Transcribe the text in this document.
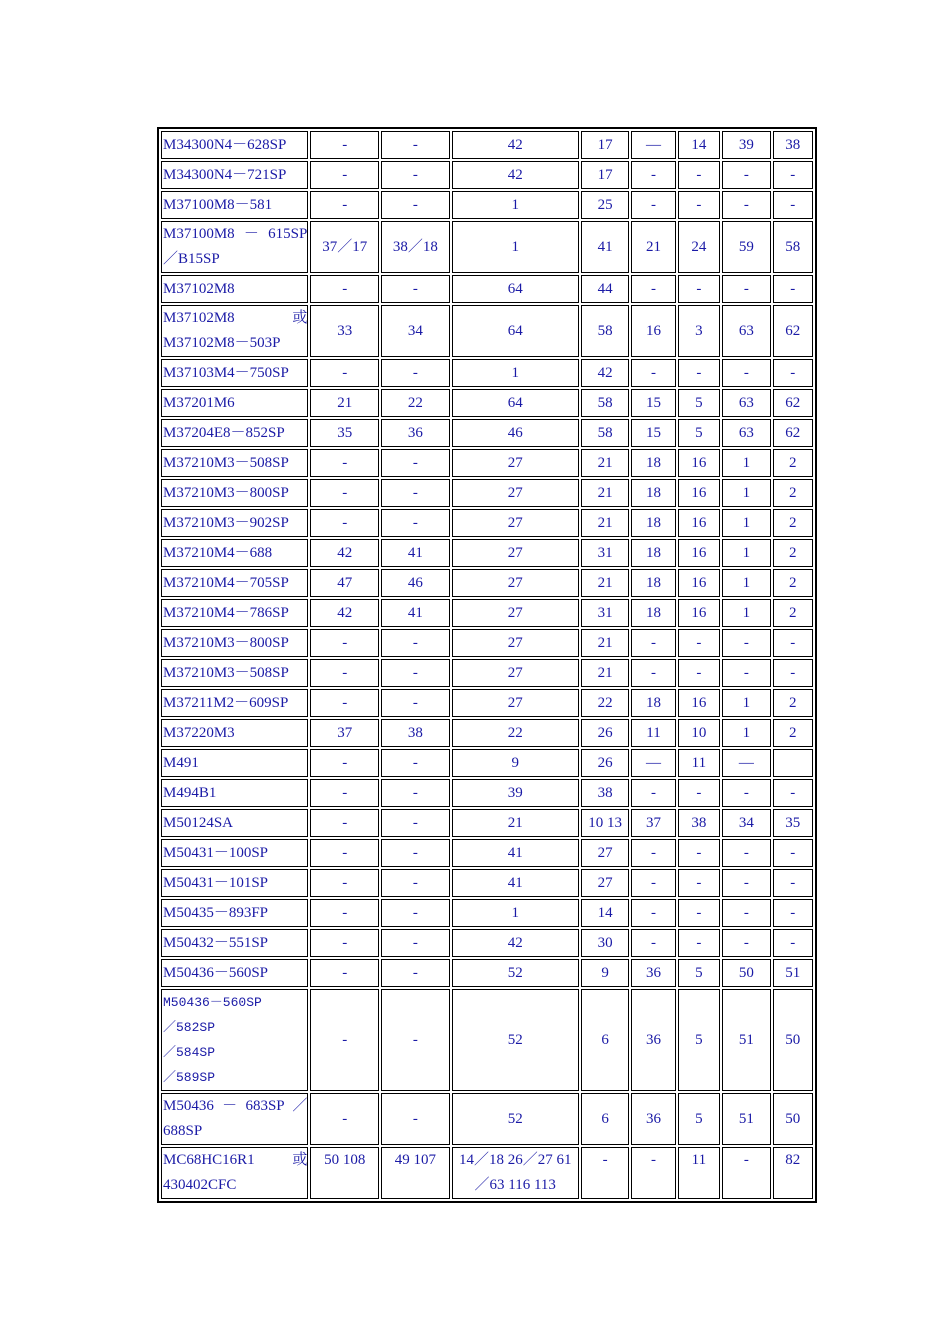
M34300N4－628SP	-	-	42	17	—	14	39	38

M34300N4－721SP	-	-	42	17	-	-	-	-

M37100M8－581	-	-	1	25	-	-	-	-

M37100M8 － 615SP
／B15SP	37／17	38／18	1	41	21	24	59	58

M37102M8	-	-	64	44	-	-	-	-

M37102M8 或
M37102M8－503P	33	34	64	58	16	3	63	62

M37103M4－750SP	-	-	1	42	-	-	-	-

M37201M6	21	22	64	58	15	5	63	62

M37204E8－852SP	35	36	46	58	15	5	63	62

M37210M3－508SP	-	-	27	21	18	16	1	2

M37210M3－800SP	-	-	27	21	18	16	1	2

M37210M3－902SP	-	-	27	21	18	16	1	2

M37210M4－688	42	41	27	31	18	16	1	2

M37210M4－705SP	47	46	27	21	18	16	1	2

M37210M4－786SP	42	41	27	31	18	16	1	2

M37210M3－800SP	-	-	27	21	-	-	-	-

M37210M3－508SP	-	-	27	21	-	-	-	-

M37211M2－609SP	-	-	27	22	18	16	1	2

M37220M3	37	38	22	26	11	10	1	2

M491	-	-	9	26	—	11	—	

M494B1	-	-	39	38	-	-	-	-

M50124SA	-	-	21	10 13	37	38	34	35

M50431－100SP	-	-	41	27	-	-	-	-

M50431－101SP	-	-	41	27	-	-	-	-

M50435－893FP	-	-	1	14	-	-	-	-

M50432－551SP	-	-	42	30	-	-	-	-

M50436－560SP	-	-	52	9	36	5	50	51

M50436－560SP
／582SP
／584SP
／589SP	-	-	52	6	36	5	51	50

M50436 － 683SP ／
688SP	-	-	52	6	36	5	51	50

MC68HC16R1 或
430402CFC	50 108	49 107	14／18 26／27 61／63 116 113	-	-	11	-	82
